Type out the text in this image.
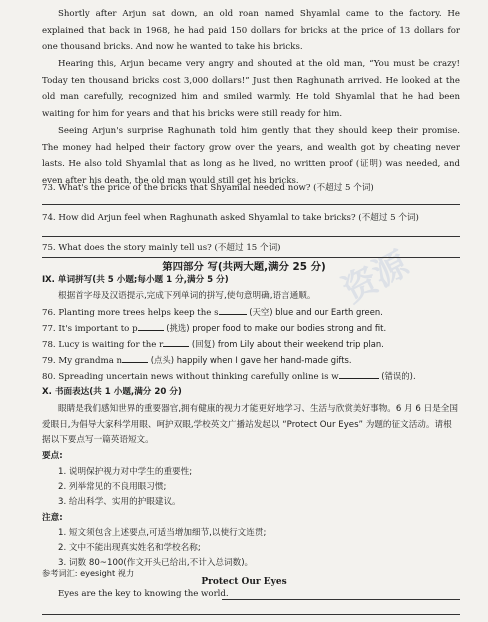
资源

Shortly after Arjun sat down, an old roan named Shyamlal came to the factory. He explained that back in 1968, he had paid 150 dollars for bricks at the price of 13 dollars for one thousand bricks. And now he wanted to take his bricks.

Hearing this, Arjun became very angry and shouted at the old man, “You must be crazy! Today ten thousand bricks cost 3,000 dollars!” Just then Raghunath arrived. He looked at the old man carefully, recognized him and smiled warmly. He told Shyamlal that he had been waiting for him for years and that his bricks were still ready for him.

Seeing Arjun's surprise Raghunath told him gently that they should keep their promise. The money had helped their factory grow over the years, and wealth got by cheating never lasts. He also told Shyamlal that as long as he lived, no written proof (证明) was needed, and even after his death, the old man would still get his bricks.

73. What's the price of the bricks that Shyamlal needed now? (不超过 5 个词)

74. How did Arjun feel when Raghunath asked Shyamlal to take bricks? (不超过 5 个词)

75. What does the story mainly tell us? (不超过 15 个词)

第四部分 写(共两大题,满分 25 分)

Ⅸ. 单词拼写(共 5 小题;每小题 1 分,满分 5 分)

根据首字母及汉语提示,完成下列单词的拼写,使句意明确,语言通顺。

76. Planting more trees helps keep the s	(天空) blue and our Earth green.

77. It's important to p	(挑选) proper food to make our bodies strong and fit.

78. Lucy is waiting for the r	(回复) from Lily about their weekend trip plan.

79. My grandma n	(点头) happily when I gave her hand-made gifts.

80. Spreading uncertain news without thinking carefully online is w	(错误的).

Ⅹ. 书面表达(共 1 小题,满分 20 分)

眼睛是我们感知世界的重要器官,拥有健康的视力才能更好地学习、生活与欣赏美好事物。6 月 6 日是全国爱眼日,为倡导大家科学用眼、呵护双眼,学校英文广播站发起以 “Protect Our Eyes” 为题的征文活动。请根据以下要点写一篇英语短文。

要点:

1. 说明保护视力对中学生的重要性;

2. 列举常见的不良用眼习惯;

3. 给出科学、实用的护眼建议。

注意:

1. 短文须包含上述要点,可适当增加细节,以使行文连贯;

2. 文中不能出现真实姓名和学校名称;

3. 词数 80~100(作文开头已给出,不计入总词数)。

Protect Our Eyes

Eyes are the key to knowing the world.

参考词汇: eyesight 视力
